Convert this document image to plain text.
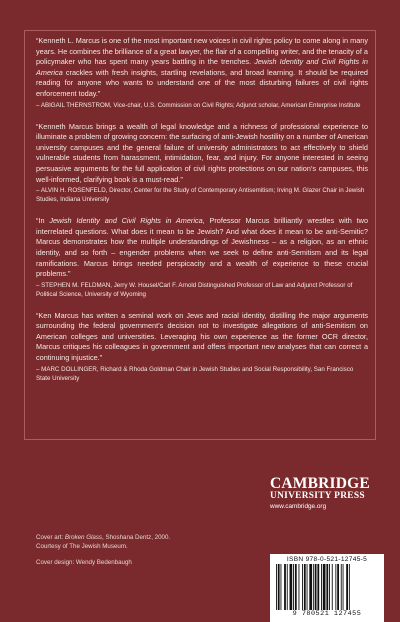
“Kenneth L. Marcus is one of the most important new voices in civil rights policy to come along in many years. He combines the brilliance of a great lawyer, the flair of a compelling writer, and the tenacity of a policymaker who has spent many years battling in the trenches. Jewish Identity and Civil Rights in America crackles with fresh insights, startling revelations, and broad learning. It should be required reading for anyone who wants to understand one of the most disturbing failures of civil rights enforcement today.”

– ABIGAIL THERNSTROM, Vice-chair, U.S. Commission on Civil Rights; Adjunct scholar, American Enterprise Institute

“Kenneth Marcus brings a wealth of legal knowledge and a richness of professional experience to illuminate a problem of growing concern: the surfacing of anti-Jewish hostility on a number of American university campuses and the general failure of university administrators to act effectively to shield vulnerable students from harassment, intimidation, fear, and injury. For anyone interested in seeing persuasive arguments for the full application of civil rights protections on our nation’s campuses, this well-informed, clarifying book is a must-read.”

– ALVIN H. ROSENFELD, Director, Center for the Study of Contemporary Antisemitism; Irving M. Glazer Chair in Jewish Studies, Indiana University

“In Jewish Identity and Civil Rights in America, Professor Marcus brilliantly wrestles with two interrelated questions. What does it mean to be Jewish? And what does it mean to be anti-Semitic? Marcus demonstrates how the multiple understandings of Jewishness – as a religion, as an ethnic identity, and so forth – engender problems when we seek to define anti-Semitism and its legal ramifications. Marcus brings needed perspicacity and a wealth of experience to these crucial problems.”

– STEPHEN M. FELDMAN, Jerry W. Housel/Carl F. Arnold Distinguished Professor of Law and Adjunct Professor of Political Science, University of Wyoming

“Ken Marcus has written a seminal work on Jews and racial identity, distilling the major arguments surrounding the federal government’s decision not to investigate allegations of anti-Semitism on American colleges and universities. Leveraging his own experience as the former OCR director, Marcus critiques his colleagues in government and offers important new analyses that can correct a continuing injustice.”

– MARC DOLLINGER, Richard & Rhoda Goldman Chair in Jewish Studies and Social Responsibility, San Francisco State University

CAMBRIDGE
UNIVERSITY PRESS
www.cambridge.org
ISBN 978-0-521-12745-5
9 780521 127455
Cover art: Broken Glass, Shoshana Dentz, 2000.
Courtesy of The Jewish Museum.
Cover design: Wendy Bedenbaugh
